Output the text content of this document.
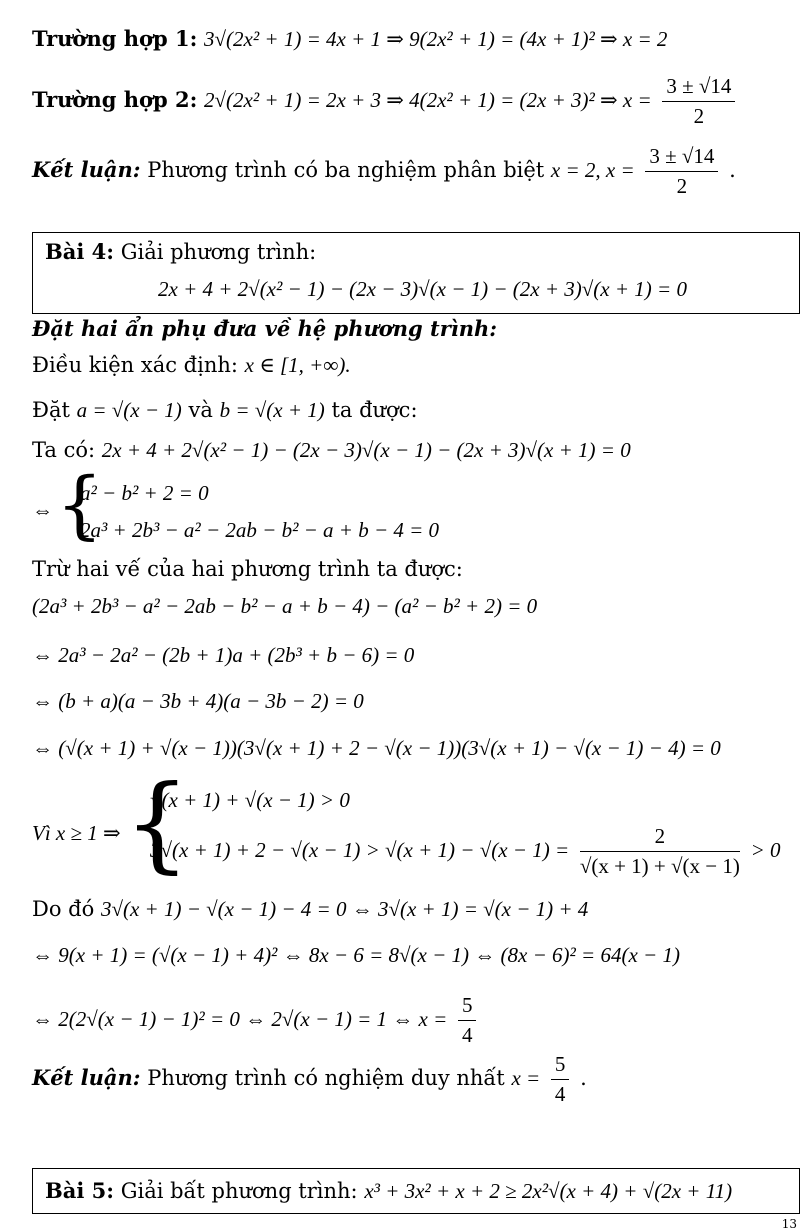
Trường hợp 1: 3√(2x² + 1) = 4x + 1 ⇒ 9(2x² + 1) = (4x + 1)² ⇒ x = 2
Trường hợp 2: 2√(2x² + 1) = 2x + 3 ⇒ 4(2x² + 1) = (2x + 3)² ⇒ $x = \frac{3 \pm √14}{2}$
Kết luận: Phương trình có ba nghiệm phân biệt x = 2, $x = \frac{3 \pm √14}{2}$ .
Bài 4: Giải phương trình:
2x + 4 + 2√(x² − 1) − (2x − 3)√(x − 1) − (2x + 3)√(x + 1) = 0
Đặt hai ẩn phụ đưa về hệ phương trình:
Điều kiện xác định: x ∈ [1, +∞).
Đặt a = √(x − 1) và b = √(x + 1) ta được:
Ta có: 2x + 4 + 2√(x² − 1) − (2x − 3)√(x − 1) − (2x + 3)√(x + 1) = 0
⇔ {
a² − b² + 2 = 0
2a³ + 2b³ − a² − 2ab − b² − a + b − 4 = 0
Trừ hai vế của hai phương trình ta được:
(2a³ + 2b³ − a² − 2ab − b² − a + b − 4) − (a² − b² + 2) = 0
⇔ 2a³ − 2a² − (2b + 1)a + (2b³ + b − 6) = 0
⇔ (b + a)(a − 3b + 4)(a − 3b − 2) = 0
⇔ (√(x + 1) + √(x − 1))(3√(x + 1) + 2 − √(x − 1))(3√(x + 1) − √(x − 1) − 4) = 0
Vì x ≥ 1 ⇒ {
√(x + 1) + √(x − 1) > 0
$3√(x + 1) + 2 - √(x - 1) > √(x + 1) - √(x - 1) = \frac{2}{√(x + 1) + √(x - 1)} > 0$
Do đó 3√(x + 1) − √(x − 1) − 4 = 0 ⇔ 3√(x + 1) = √(x − 1) + 4
⇔ 9(x + 1) = (√(x − 1) + 4)² ⇔ 8x − 6 = 8√(x − 1) ⇔ (8x − 6)² = 64(x − 1)
⇔ 2(2√(x − 1) − 1)² = 0 ⇔ 2√(x − 1) = 1 ⇔ $x = \frac{5}{4}$
Kết luận: Phương trình có nghiệm duy nhất $x = \frac{5}{4}$ .
Bài 5: Giải bất phương trình: x³ + 3x² + x + 2 ≥ 2x²√(x + 4) + √(2x + 11)
13
